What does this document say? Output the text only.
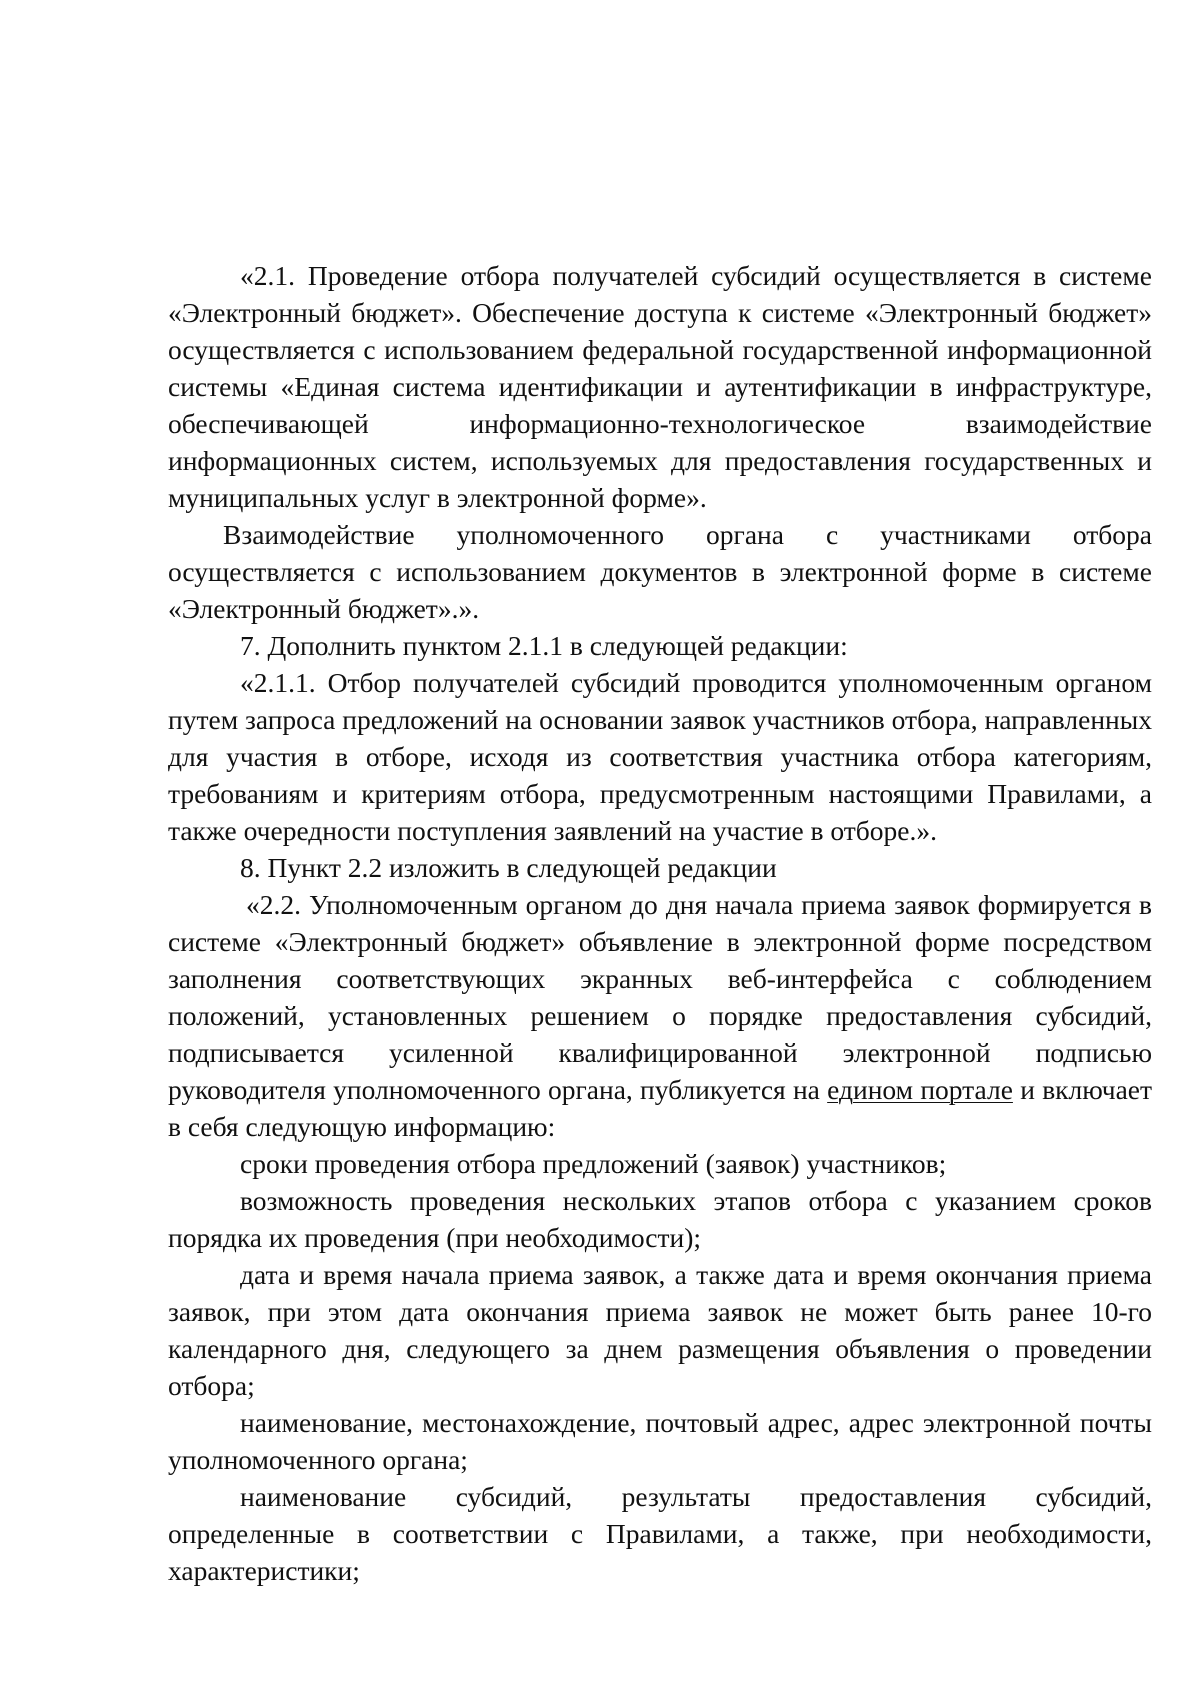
«2.1. Проведение отбора получателей субсидий осуществляется в системе «Электронный бюджет». Обеспечение доступа к системе «Электронный бюджет» осуществляется с использованием федеральной государственной информационной системы «Единая система идентификации и аутентификации в инфраструктуре, обеспечивающей информационно-технологическое взаимодействие информационных систем, используемых для предоставления государственных и муниципальных услуг в электронной форме».

Взаимодействие уполномоченного органа с участниками отбора осуществляется с использованием документов в электронной форме в системе «Электронный бюджет».».

7. Дополнить пунктом 2.1.1 в следующей редакции:

«2.1.1. Отбор получателей субсидий проводится уполномоченным органом путем запроса предложений на основании заявок участников отбора, направленных для участия в отборе, исходя из соответствия участника отбора категориям, требованиям и критериям отбора, предусмотренным настоящими Правилами, а также очередности поступления заявлений на участие в отборе.».

8. Пункт 2.2 изложить в следующей редакции

«2.2. Уполномоченным органом до дня начала приема заявок формируется в системе «Электронный бюджет» объявление в электронной форме посредством заполнения соответствующих экранных веб-интерфейса с соблюдением положений, установленных решением о порядке предоставления субсидий, подписывается усиленной квалифицированной электронной подписью руководителя уполномоченного органа, публикуется на едином портале и включает в себя следующую информацию:

сроки проведения отбора предложений (заявок) участников;

возможность проведения нескольких этапов отбора с указанием сроков порядка их проведения (при необходимости);

дата и время начала приема заявок, а также дата и время окончания приема заявок, при этом дата окончания приема заявок не может быть ранее 10-го календарного дня, следующего за днем размещения объявления о проведении отбора;

наименование, местонахождение, почтовый адрес, адрес электронной почты уполномоченного органа;

наименование субсидий, результаты предоставления субсидий, определенные в соответствии с Правилами, а также, при необходимости, характеристики;
